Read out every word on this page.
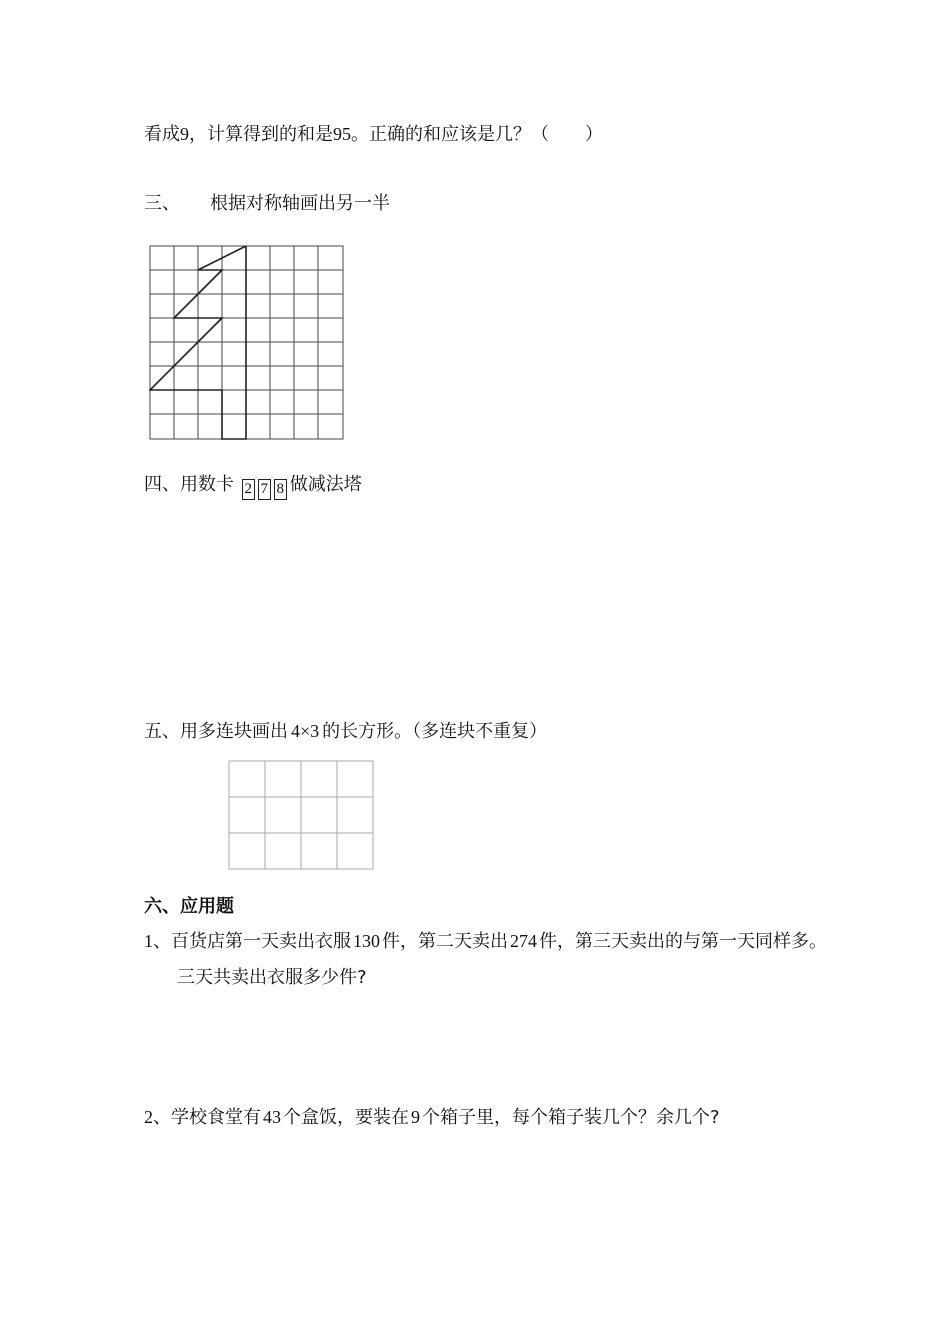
看成9，计算得到的和是95。正确的和应该是几？（　　）
三、 根据对称轴画出另一半
四、用数卡 2 7 8 做减法塔
五、用多连块画出 4×3 的长方形。（多连块不重复）
六、应用题
1、百货店第一天卖出衣服 130 件，第二天卖出 274 件，第三天卖出的与第一天同样多。
三天共卖出衣服多少件?
2、学校食堂有 43 个盒饭，要装在 9 个箱子里，每个箱子装几个？余几个?
